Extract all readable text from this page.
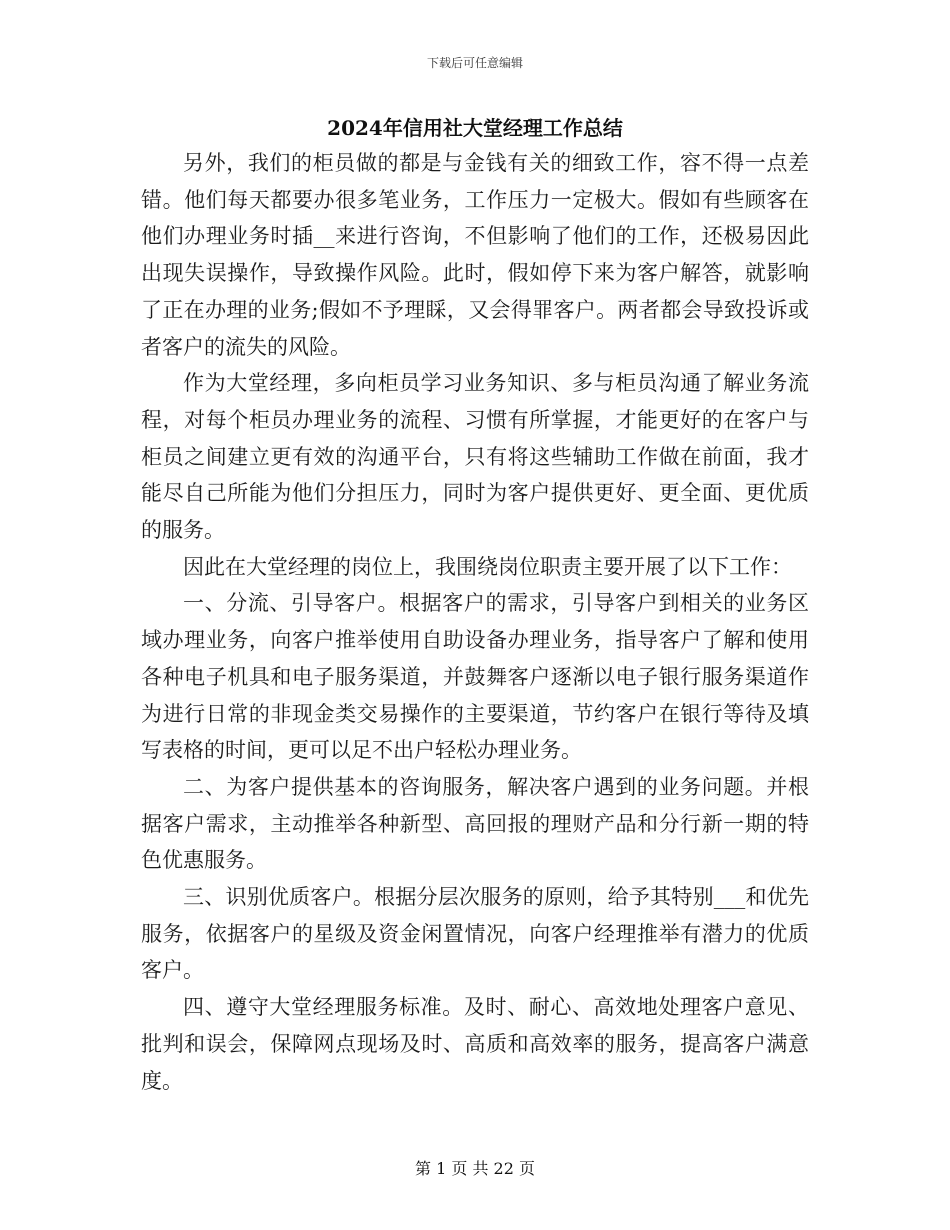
下载后可任意编辑
2024年信用社大堂经理工作总结

另外，我们的柜员做的都是与金钱有关的细致工作，容不得一点差错。他们每天都要办很多笔业务，工作压力一定极大。假如有些顾客在他们办理业务时插__来进行咨询，不但影响了他们的工作，还极易因此出现失误操作，导致操作风险。此时，假如停下来为客户解答，就影响了正在办理的业务;假如不予理睬，又会得罪客户。两者都会导致投诉或者客户的流失的风险。

作为大堂经理，多向柜员学习业务知识、多与柜员沟通了解业务流程，对每个柜员办理业务的流程、习惯有所掌握，才能更好的在客户与柜员之间建立更有效的沟通平台，只有将这些辅助工作做在前面，我才能尽自己所能为他们分担压力，同时为客户提供更好、更全面、更优质的服务。

因此在大堂经理的岗位上，我围绕岗位职责主要开展了以下工作：

一、分流、引导客户。根据客户的需求，引导客户到相关的业务区域办理业务，向客户推举使用自助设备办理业务，指导客户了解和使用各种电子机具和电子服务渠道，并鼓舞客户逐渐以电子银行服务渠道作为进行日常的非现金类交易操作的主要渠道，节约客户在银行等待及填写表格的时间，更可以足不出户轻松办理业务。

二、为客户提供基本的咨询服务，解决客户遇到的业务问题。并根据客户需求，主动推举各种新型、高回报的理财产品和分行新一期的特色优惠服务。

三、识别优质客户。根据分层次服务的原则，给予其特别___和优先服务，依据客户的星级及资金闲置情况，向客户经理推举有潜力的优质客户。

四、遵守大堂经理服务标准。及时、耐心、高效地处理客户意见、批判和误会，保障网点现场及时、高质和高效率的服务，提高客户满意度。

第 1 页 共 22 页
